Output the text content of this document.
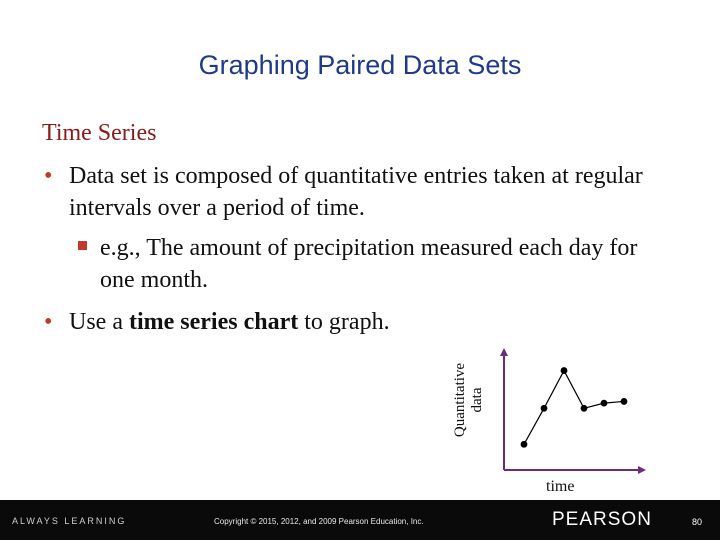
Graphing Paired Data Sets
Time Series
• Data set is composed of quantitative entries taken at regular intervals over a period of time.
e.g., The amount of precipitation measured each day for one month.
• Use a time series chart to graph.
Quantitative data
time
ALWAYS LEARNING	Copyright © 2015, 2012, and 2009 Pearson Education, Inc.	PEARSON	80
